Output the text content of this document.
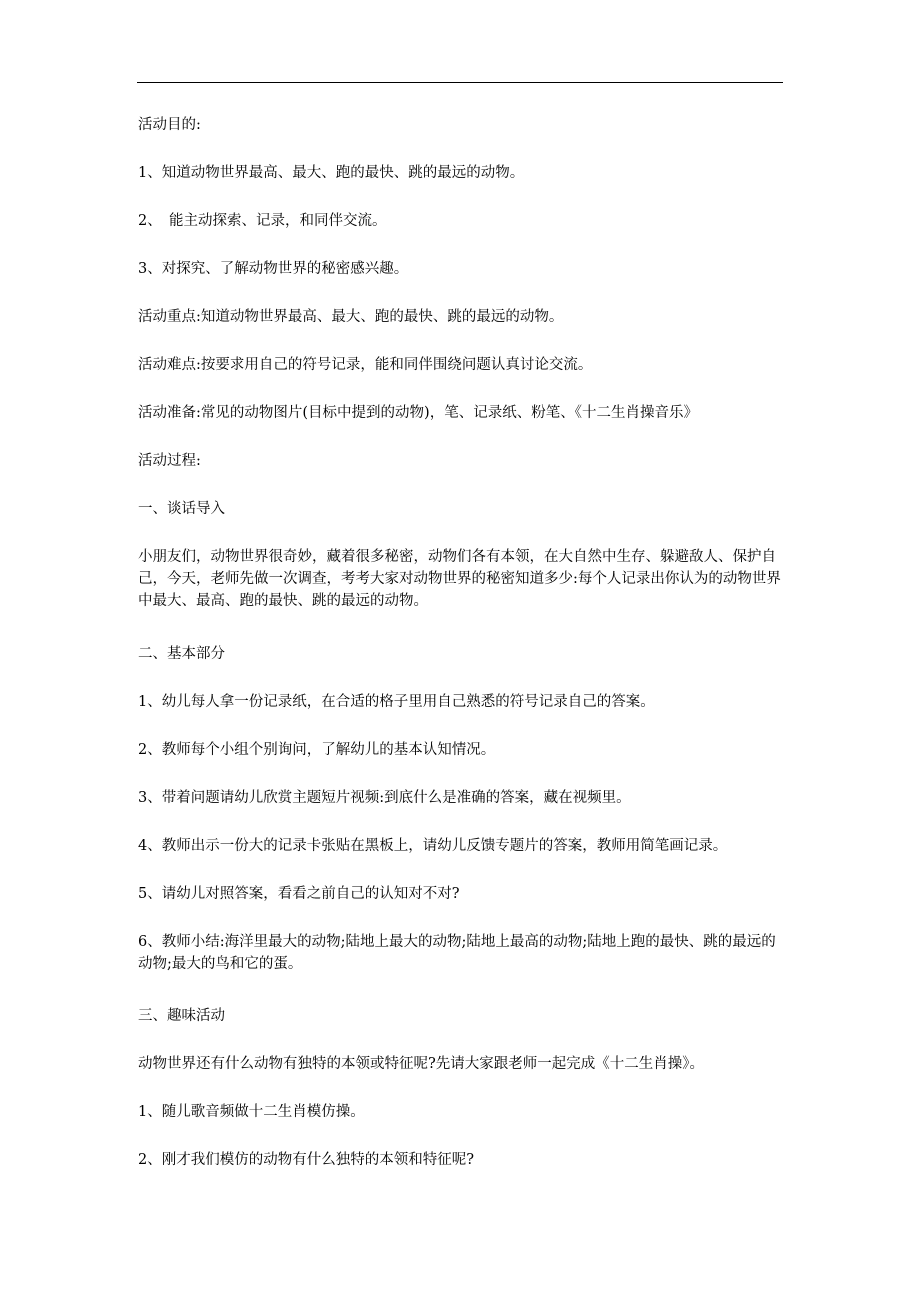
活动目的:

1、知道动物世界最高、最大、跑的最快、跳的最远的动物。

2、　能主动探索、记录，和同伴交流。

3、对探究、了解动物世界的秘密感兴趣。

活动重点:知道动物世界最高、最大、跑的最快、跳的最远的动物。

活动难点:按要求用自己的符号记录，能和同伴围绕问题认真讨论交流。

活动准备:常见的动物图片(目标中提到的动物)，笔、记录纸、粉笔、《十二生肖操音乐》

活动过程:

一、谈话导入

小朋友们，动物世界很奇妙，藏着很多秘密，动物们各有本领，在大自然中生存、躲避敌人、保护自己，今天，老师先做一次调查，考考大家对动物世界的秘密知道多少:每个人记录出你认为的动物世界中最大、最高、跑的最快、跳的最远的动物。

二、基本部分

1、幼儿每人拿一份记录纸，在合适的格子里用自己熟悉的符号记录自己的答案。

2、教师每个小组个别询问，了解幼儿的基本认知情况。

3、带着问题请幼儿欣赏主题短片视频:到底什么是准确的答案，藏在视频里。

4、教师出示一份大的记录卡张贴在黑板上，请幼儿反馈专题片的答案，教师用简笔画记录。

5、请幼儿对照答案，看看之前自己的认知对不对?

6、教师小结:海洋里最大的动物;陆地上最大的动物;陆地上最高的动物;陆地上跑的最快、跳的最远的动物;最大的鸟和它的蛋。

三、趣味活动

动物世界还有什么动物有独特的本领或特征呢?先请大家跟老师一起完成《十二生肖操》。

1、随儿歌音频做十二生肖模仿操。

2、刚才我们模仿的动物有什么独特的本领和特征呢?
